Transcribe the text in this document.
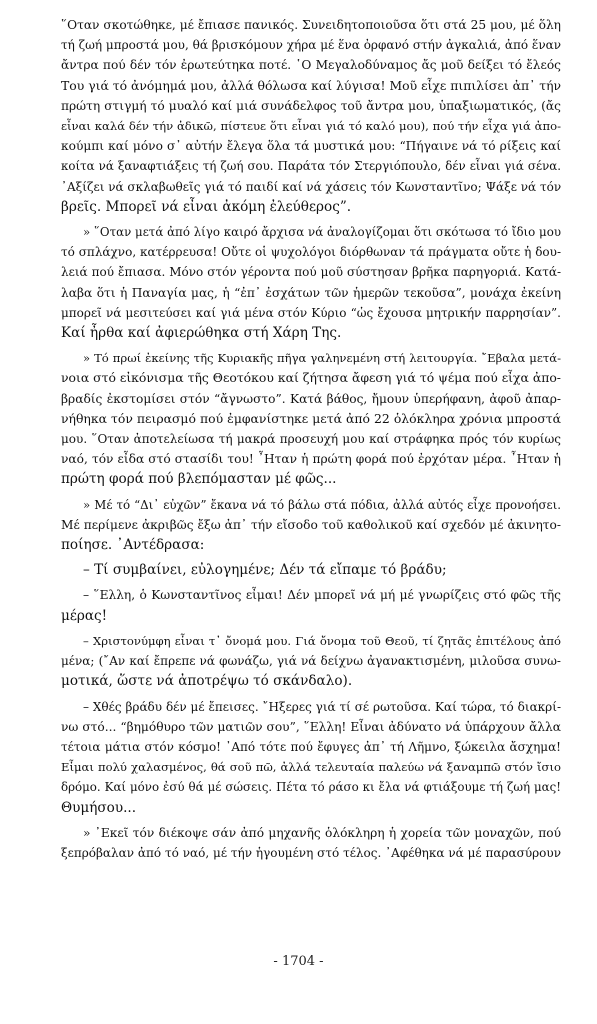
῞Οταν σκοτώθηκε, μέ ἔπιασε πανικός. Συνειδητοποιοῦσα ὅτι στά 25 μου, μέ ὅλη
τή ζωή μπροστά μου, θά βρισκόμουν χήρα μέ ἕνα ὀρφανό στήν ἀγκαλιά, ἀπό ἕναν
ἄντρα πού δέν τόν ἐρωτεύτηκα ποτέ. ῾Ο Μεγαλοδύναμος ἄς μοῦ δείξει τό ἔλεός
Του γιά τό ἀνόμημά μου, ἀλλά θόλωσα καί λύγισα! Μοῦ εἶχε πιπιλίσει ἀπ᾿ τήν
πρώτη στιγμή τό μυαλό καί μιά συνάδελφος τοῦ ἄντρα μου, ὑπαξιωματικός, (ἄς
εἶναι καλά δέν τήν ἀδικῶ, πίστευε ὅτι εἶναι γιά τό καλό μου), πού τήν εἶχα γιά ἀπο-
κούμπι καί μόνο σ᾿ αὐτήν ἔλεγα ὅλα τά μυστικά μου: “Πήγαινε νά τό ρίξεις καί
κοίτα νά ξαναφτιάξεις τή ζωή σου. Παράτα τόν Στεργιόπουλο, δέν εἶναι γιά σένα.
᾿Αξίζει νά σκλαβωθεῖς γιά τό παιδί καί νά χάσεις τόν Κωνσταντῖνο; Ψάξε νά τόν
βρεῖς. Μπορεῖ νά εἶναι ἀκόμη ἐλεύθερος”.
» ῞Οταν μετά ἀπό λίγο καιρό ἄρχισα νά ἀναλογίζομαι ὅτι σκότωσα τό ἴδιο μου
τό σπλάχνο, κατέρρευσα! Οὔτε οἱ ψυχολόγοι διόρθωναν τά πράγματα οὔτε ἡ δου-
λειά πού ἔπιασα. Μόνο στόν γέροντα πού μοῦ σύστησαν βρῆκα παρηγοριά. Κατά-
λαβα ὅτι ἡ Παναγία μας, ἡ “ἐπ᾿ ἐσχάτων τῶν ἡμερῶν τεκοῦσα”, μονάχα ἐκείνη
μπορεῖ νά μεσιτεύσει καί γιά μένα στόν Κύριο “ὡς ἔχουσα μητρικήν παρρησίαν”.
Καί ἦρθα καί ἀφιερώθηκα στή Χάρη Της.
» Τό πρωί ἐκείνης τῆς Κυριακῆς πῆγα γαληνεμένη στή λειτουργία. ῎Εβαλα μετά-
νοια στό εἰκόνισμα τῆς Θεοτόκου καί ζήτησα ἄφεση γιά τό ψέμα πού εἶχα ἀπο-
βραδίς ἐκστομίσει στόν “ἄγνωστο”. Κατά βάθος, ἤμουν ὑπερήφανη, ἀφοῦ ἀπαρ-
νήθηκα τόν πειρασμό πού ἐμφανίστηκε μετά ἀπό 22 ὁλόκληρα χρόνια μπροστά
μου. ῞Οταν ἀποτελείωσα τή μακρά προσευχή μου καί στράφηκα πρός τόν κυρίως
ναό, τόν εἶδα στό στασίδι του! ῏Ηταν ἡ πρώτη φορά πού ἐρχόταν μέρα. ῏Ηταν ἡ
πρώτη φορά πού βλεπόμασταν μέ φῶς...
» Μέ τό “Δι᾿ εὐχῶν” ἔκανα νά τό βάλω στά πόδια, ἀλλά αὐτός εἶχε προνοήσει.
Μέ περίμενε ἀκριβῶς ἔξω ἀπ᾿ τήν εἴσοδο τοῦ καθολικοῦ καί σχεδόν μέ ἀκινητο-
ποίησε. ᾿Αντέδρασα:
– Τί συμβαίνει, εὐλογημένε; Δέν τά εἴπαμε τό βράδυ;
– ῞Ελλη, ὁ Κωνσταντῖνος εἶμαι! Δέν μπορεῖ νά μή μέ γνωρίζεις στό φῶς τῆς
μέρας!
– Χριστονύμφη εἶναι τ᾿ ὄνομά μου. Γιά ὄνομα τοῦ Θεοῦ, τί ζητᾶς ἐπιτέλους ἀπό
μένα; (῎Αν καί ἔπρεπε νά φωνάζω, γιά νά δείχνω ἀγανακτισμένη, μιλοῦσα συνω-
μοτικά, ὥστε νά ἀποτρέψω τό σκάνδαλο).
– Χθές βράδυ δέν μέ ἔπεισες. ῎Ηξερες γιά τί σέ ρωτοῦσα. Καί τώρα, τό διακρί-
νω στό... “βημόθυρο τῶν ματιῶν σου”, ῞Ελλη! Εἶναι ἀδύνατο νά ὑπάρχουν ἄλλα
τέτοια μάτια στόν κόσμο! ᾿Από τότε πού ἔφυγες ἀπ᾿ τή Λῆμνο, ξώκειλα ἄσχημα!
Εἶμαι πολύ χαλασμένος, θά σοῦ πῶ, ἀλλά τελευταία παλεύω νά ξαναμπῶ στόν ἴσιο
δρόμο. Καί μόνο ἐσύ θά μέ σώσεις. Πέτα τό ράσο κι ἔλα νά φτιάξουμε τή ζωή μας!
Θυμήσου...
» ᾿Εκεῖ τόν διέκοψε σάν ἀπό μηχανῆς ὁλόκληρη ἡ χορεία τῶν μοναχῶν, πού
ξεπρόβαλαν ἀπό τό ναό, μέ τήν ἡγουμένη στό τέλος. ᾿Αφέθηκα νά μέ παρασύρουν
- 1704 -
